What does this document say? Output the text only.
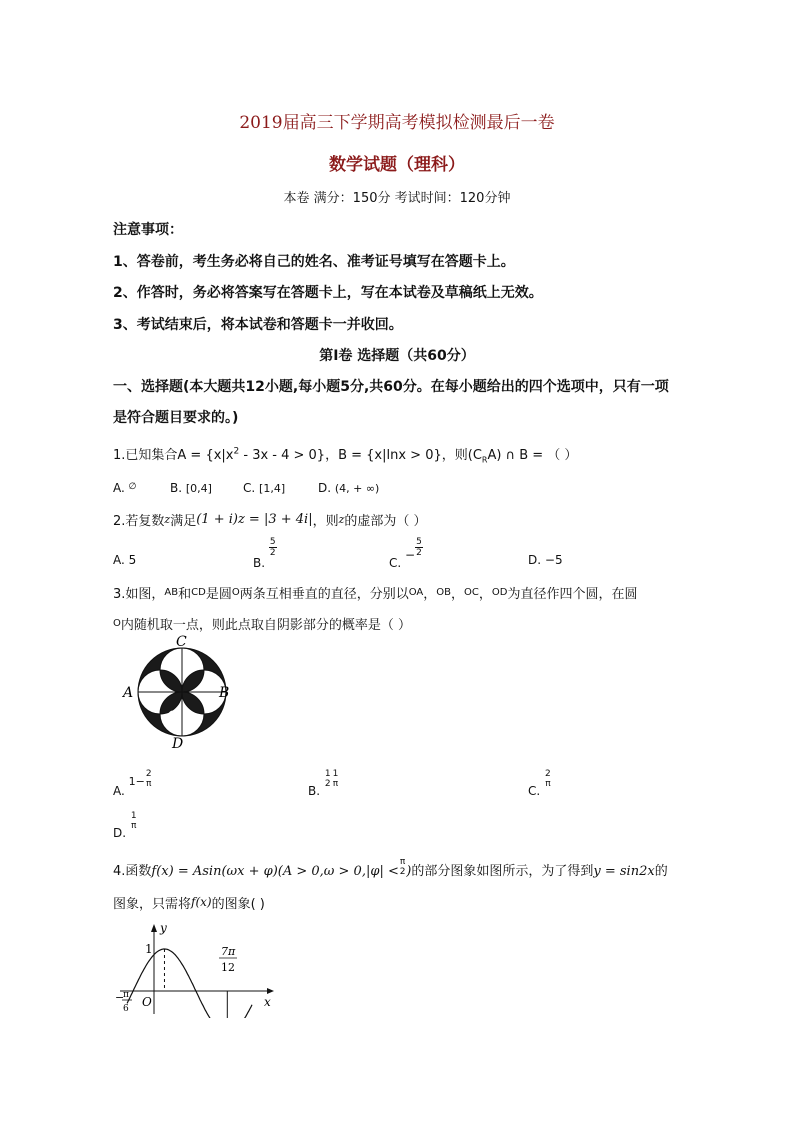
2019届高三下学期高考模拟检测最后一卷
数学试题（理科）
本卷 满分：150分 考试时间：120分钟
注意事项：
1、答卷前，考生务必将自己的姓名、准考证号填写在答题卡上。
2、作答时，务必将答案写在答题卡上，写在本试卷及草稿纸上无效。
3、考试结束后，将本试卷和答题卡一并收回。
第Ⅰ卷 选择题（共60分）
一、选择题(本大题共12小题,每小题5分,共60分。在每小题给出的四个选项中，只有一项
是符合题目要求的。)
1.已知集合$A = \{x|x^2 - 3x - 4 > 0\}$，B = {x|lnx > 0}，则$(C_RA)$ ∩ B = （ ）
A. ∅	B. [0,4]	C. [1,4]	D. (4, + ∞)
2.若复数z满足(1 + i)z = |3 + 4i|，则z的虚部为（ ）
A. 5	B.
$\frac{5}{2}$
C. − $\frac{5}{2}$
D. −5
3.如图，$^{AB}$和$^{CD}$是圆$^O$两条互相垂直的直径，分别以$^{OA}$，$^{OB}$，$^{OC}$，$^{OD}$为直径作四个圆，在圆
$^O$内随机取一点，则此点取自阴影部分的概率是（ ）
C
A	B
O
D
A. 1−
2
π	B.
1
2
1
π	C.
2
π
D.
1
π
4.函数f(x) = Asin(ωx + φ)(A > 0,ω > 0,|φ| <
π
2 )的部分图象如图所示，为了得到y = sin2x的
图象，只需将f(x)的图象( )
y
x
1
O
−
π
6
7π
12
